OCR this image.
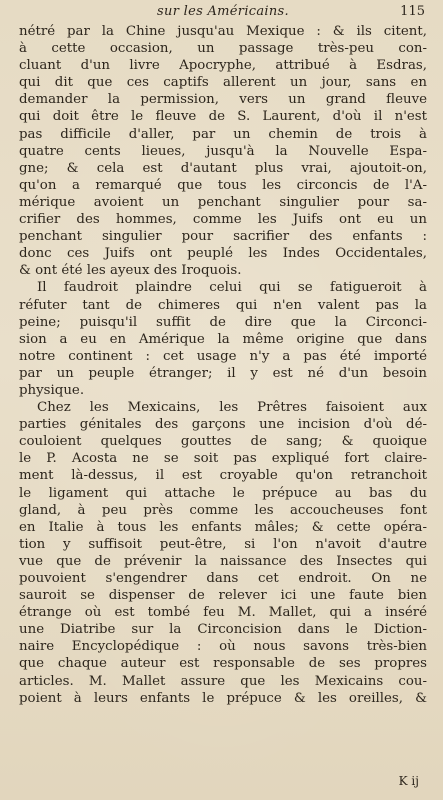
sur les Américains.	115
nétré par la Chine jusqu'au Mexique : & ils citent,
à cette occasion, un passage très-peu con-
cluant d'un livre Apocryphe, attribué à Esdras,
qui dit que ces captifs allerent un jour, sans en
demander la permission, vers un grand fleuve
qui doit être le fleuve de S. Laurent, d'où il n'est
pas difficile d'aller, par un chemin de trois à
quatre cents lieues, jusqu'à la Nouvelle Espa-
gne; & cela est d'autant plus vrai, ajoutoit-on,
qu'on a remarqué que tous les circoncis de l'A-
mérique avoient un penchant singulier pour sa-
crifier des hommes, comme les Juifs ont eu un
penchant singulier pour sacrifier des enfants :
donc ces Juifs ont peuplé les Indes Occidentales,
& ont été les ayeux des Iroquois.
Il faudroit plaindre celui qui se fatigueroit à
réfuter tant de chimeres qui n'en valent pas la
peine; puisqu'il suffit de dire que la Circonci-
sion a eu en Amérique la même origine que dans
notre continent : cet usage n'y a pas été importé
par un peuple étranger; il y est né d'un besoin
physique.
Chez les Mexicains, les Prêtres faisoient aux
parties génitales des garçons une incision d'où dé-
couloient quelques gouttes de sang; & quoique
le P. Acosta ne se soit pas expliqué fort claire-
ment là-dessus, il est croyable qu'on retranchoit
le ligament qui attache le prépuce au bas du
gland, à peu près comme les accoucheuses font
en Italie à tous les enfants mâles; & cette opéra-
tion y suffisoit peut-être, si l'on n'avoit d'autre
vue que de prévenir la naissance des Insectes qui
pouvoient s'engendrer dans cet endroit. On ne
sauroit se dispenser de relever ici une faute bien
étrange où est tombé feu M. Mallet, qui a inséré
une Diatribe sur la Circoncision dans le Diction-
naire Encyclopédique : où nous savons très-bien
que chaque auteur est responsable de ses propres
articles. M. Mallet assure que les Mexicains cou-
poient à leurs enfants le prépuce & les oreilles, &
K ij
